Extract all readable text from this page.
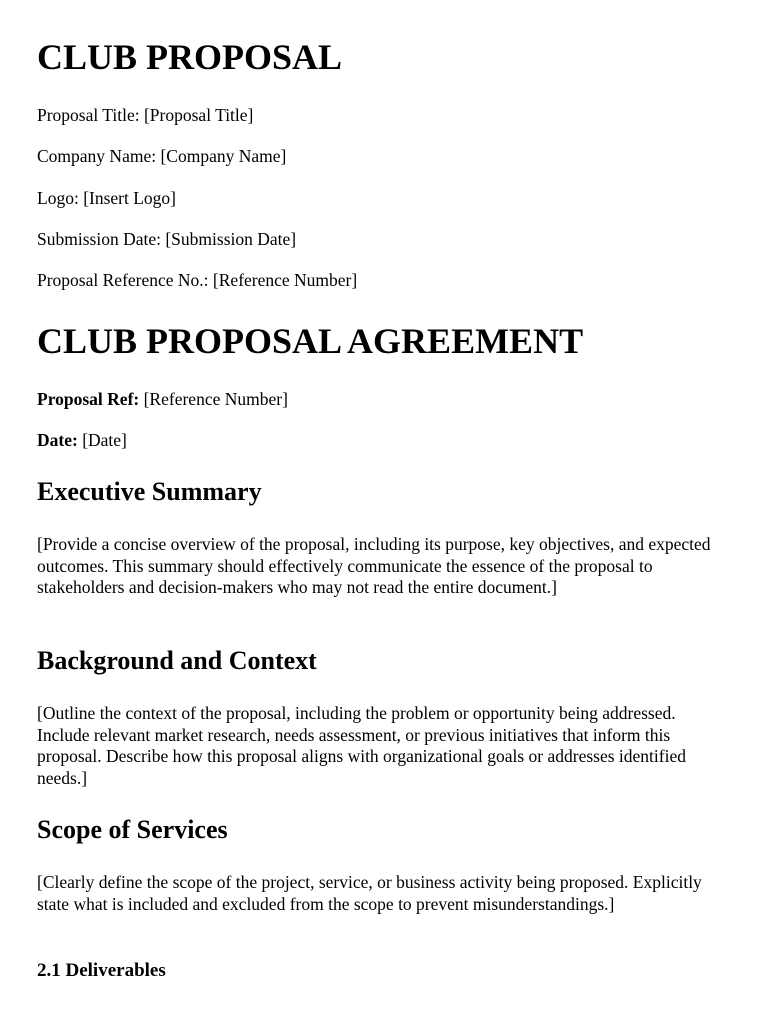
CLUB PROPOSAL
Proposal Title: [Proposal Title]
Company Name: [Company Name]
Logo: [Insert Logo]
Submission Date: [Submission Date]
Proposal Reference No.: [Reference Number]
CLUB PROPOSAL AGREEMENT
Proposal Ref: [Reference Number]
Date: [Date]
Executive Summary

[Provide a concise overview of the proposal, including its purpose, key objectives, and expected outcomes. This summary should effectively communicate the essence of the proposal to stakeholders and decision-makers who may not read the entire document.]

Background and Context

[Outline the context of the proposal, including the problem or opportunity being addressed. Include relevant market research, needs assessment, or previous initiatives that inform this proposal. Describe how this proposal aligns with organizational goals or addresses identified needs.]

Scope of Services

[Clearly define the scope of the project, service, or business activity being proposed. Explicitly state what is included and excluded from the scope to prevent misunderstandings.]

2.1 Deliverables
